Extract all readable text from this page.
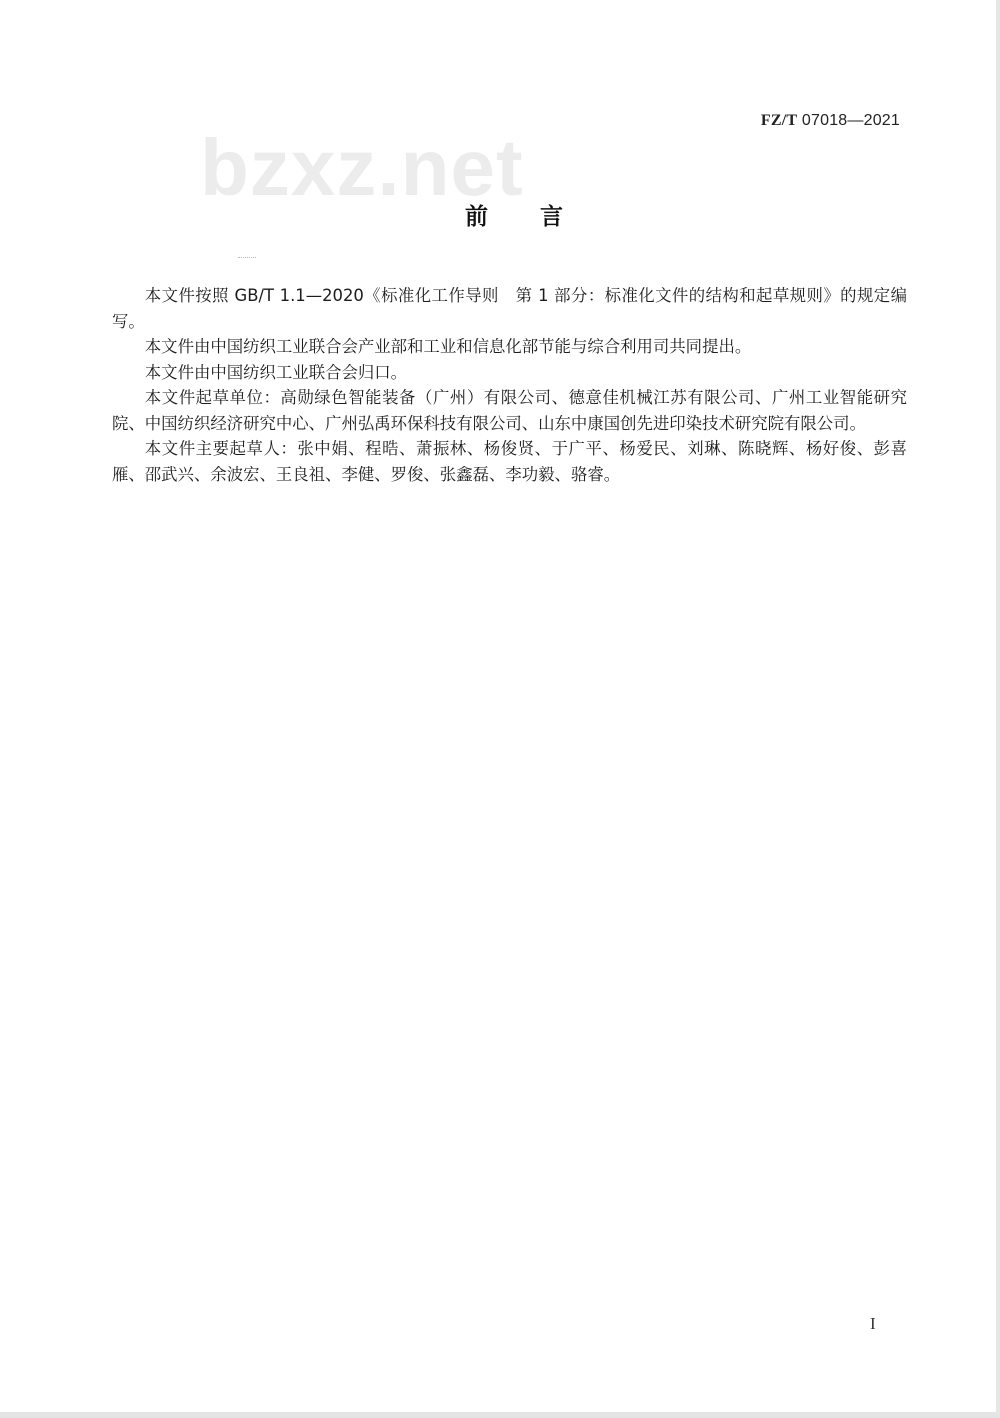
FZ/T 07018—2021
bzxz.net
前言

本文件按照 GB/T 1.1—2020《标准化工作导则　第 1 部分：标准化文件的结构和起草规则》的规定编写。

本文件由中国纺织工业联合会产业部和工业和信息化部节能与综合利用司共同提出。

本文件由中国纺织工业联合会归口。

本文件起草单位：高勋绿色智能装备（广州）有限公司、德意佳机械江苏有限公司、广州工业智能研究院、中国纺织经济研究中心、广州弘禹环保科技有限公司、山东中康国创先进印染技术研究院有限公司。

本文件主要起草人：张中娟、程晧、萧振林、杨俊贤、于广平、杨爱民、刘琳、陈晓辉、杨好俊、彭喜雁、邵武兴、余波宏、王良祖、李健、罗俊、张鑫磊、李功毅、骆睿。

I
